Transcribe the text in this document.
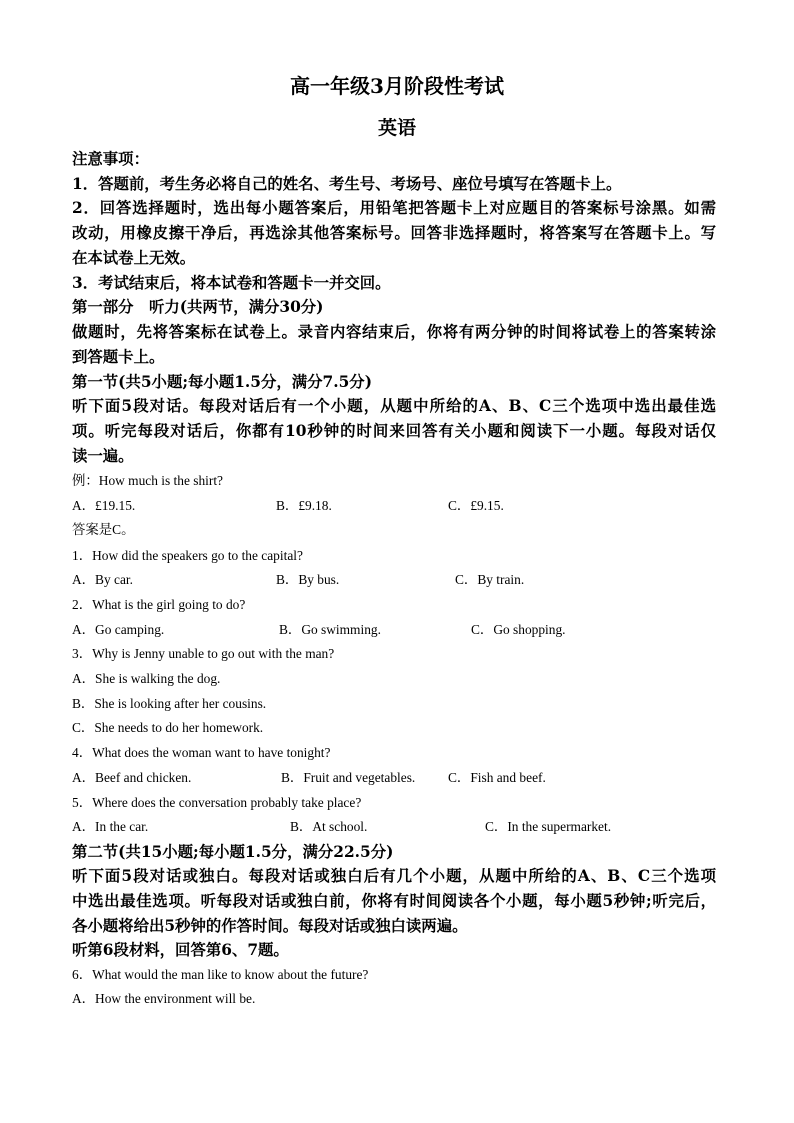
高一年级3月阶段性考试
英语
注意事项：
1．答题前，考生务必将自己的姓名、考生号、考场号、座位号填写在答题卡上。
2．回答选择题时，选出每小题答案后，用铅笔把答题卡上对应题目的答案标号涂黑。如需
改动，用橡皮擦干净后，再选涂其他答案标号。回答非选择题时，将答案写在答题卡上。写
在本试卷上无效。
3．考试结束后，将本试卷和答题卡一并交回。
第一部分　听力(共两节，满分30分)
做题时，先将答案标在试卷上。录音内容结束后，你将有两分钟的时间将试卷上的答案转涂
到答题卡上。
第一节(共5小题;每小题1.5分，满分7.5分)
听下面5段对话。每段对话后有一个小题，从题中所给的A、B、C三个选项中选出最佳选
项。听完每段对话后，你都有10秒钟的时间来回答有关小题和阅读下一小题。每段对话仅
读一遍。
例：How much is the shirt?
A．£19.15.	B．£9.18.	C．£9.15.
答案是C。
1．How did the speakers go to the capital?
A．By car.	B．By bus.	C．By train.
2．What is the girl going to do?
A．Go camping.	B．Go swimming.	C．Go shopping.
3．Why is Jenny unable to go out with the man?
A．She is walking the dog.
B．She is looking after her cousins.
C．She needs to do her homework.
4．What does the woman want to have tonight?
A．Beef and chicken.	B．Fruit and vegetables. C．Fish and beef.
5．Where does the conversation probably take place?
A．In the car.	B．At school.	C．In the supermarket.
第二节(共15小题;每小题1.5分，满分22.5分)
听下面5段对话或独白。每段对话或独白后有几个小题，从题中所给的A、B、C三个选项
中选出最佳选项。听每段对话或独白前，你将有时间阅读各个小题，每小题5秒钟;听完后，
各小题将给出5秒钟的作答时间。每段对话或独白读两遍。
听第6段材料，回答第6、7题。
6．What would the man like to know about the future?
A．How the environment will be.
